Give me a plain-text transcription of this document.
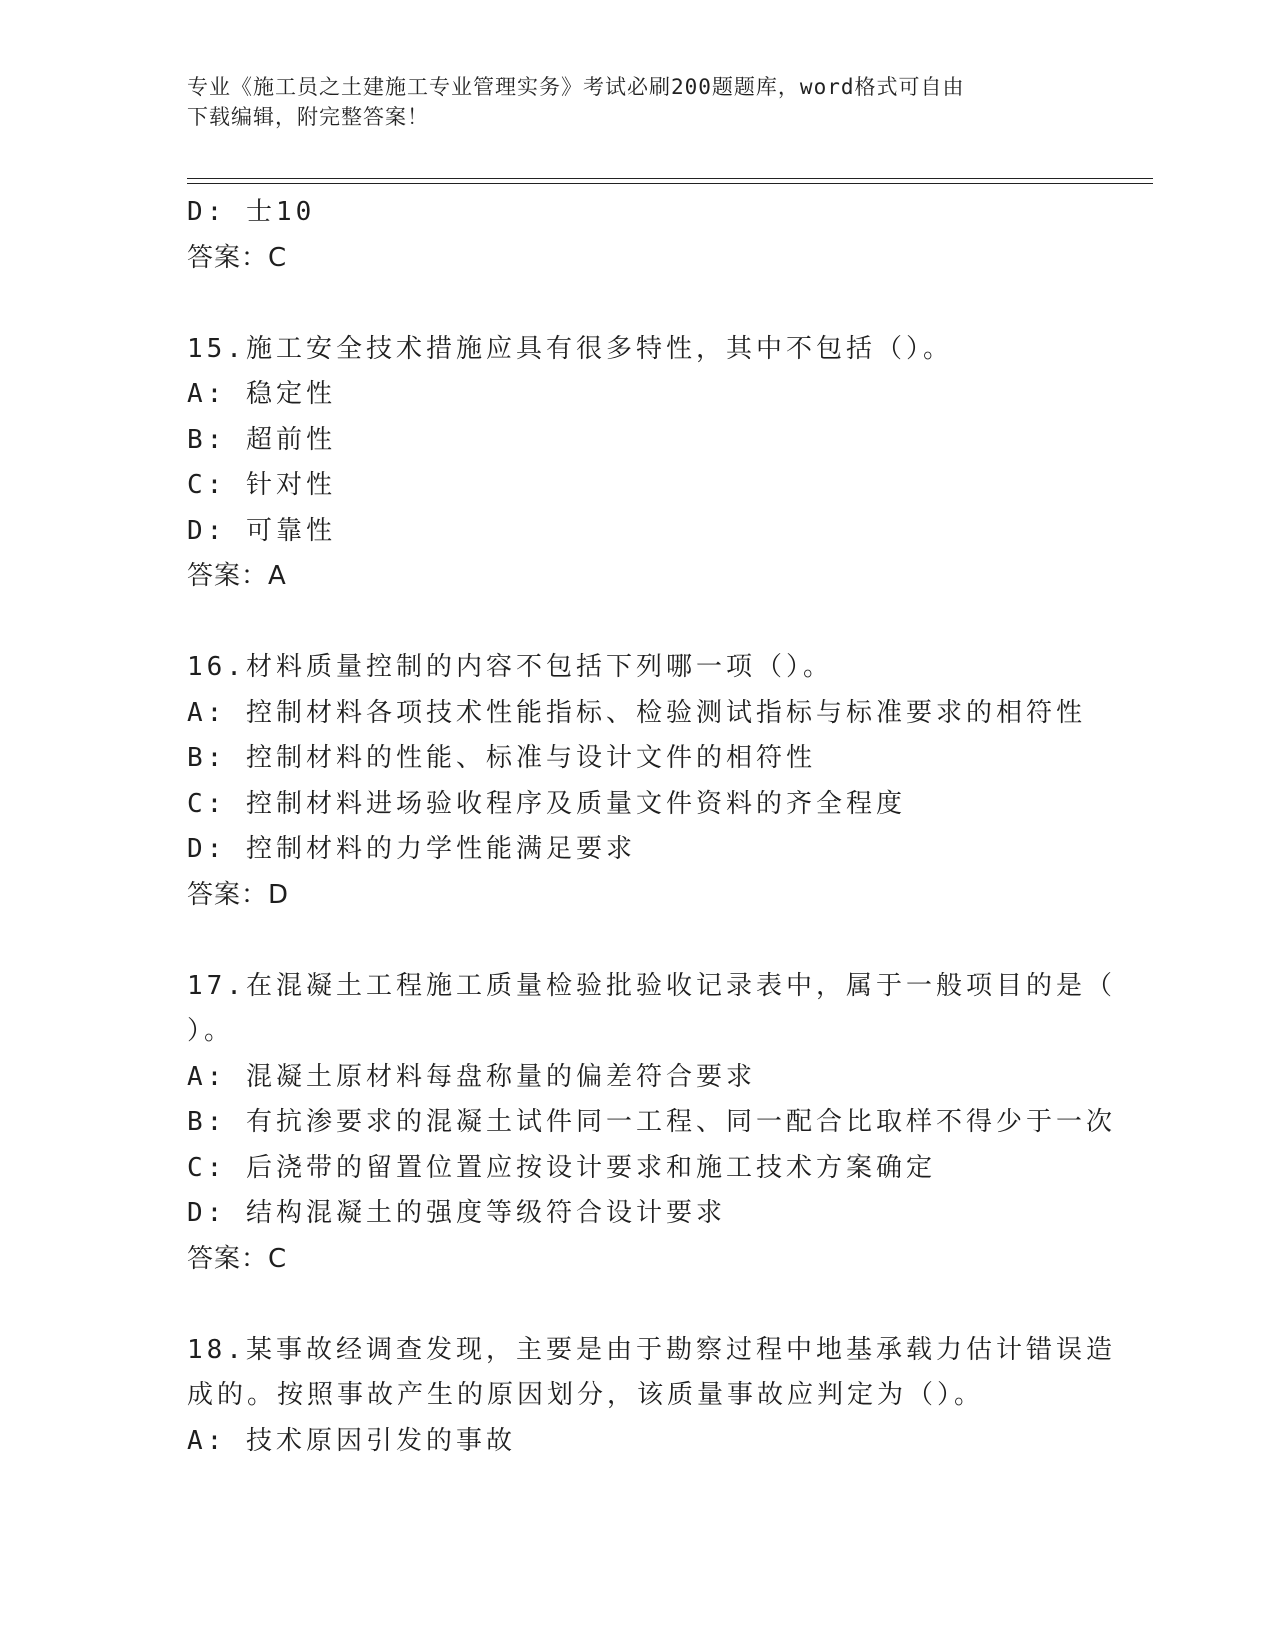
专业《施工员之土建施工专业管理实务》考试必刷200题题库，word格式可自由
下载编辑，附完整答案！
D: 士10
答案：C
15.施工安全技术措施应具有很多特性，其中不包括（）。
A: 稳定性
B: 超前性
C: 针对性
D: 可靠性
答案：A
16.材料质量控制的内容不包括下列哪一项（）。
A: 控制材料各项技术性能指标、检验测试指标与标准要求的相符性
B: 控制材料的性能、标准与设计文件的相符性
C: 控制材料进场验收程序及质量文件资料的齐全程度
D: 控制材料的力学性能满足要求
答案：D
17.在混凝土工程施工质量检验批验收记录表中，属于一般项目的是（
）。
A: 混凝土原材料每盘称量的偏差符合要求
B: 有抗渗要求的混凝土试件同一工程、同一配合比取样不得少于一次
C: 后浇带的留置位置应按设计要求和施工技术方案确定
D: 结构混凝土的强度等级符合设计要求
答案：C
18.某事故经调查发现，主要是由于勘察过程中地基承载力估计错误造
成的。按照事故产生的原因划分，该质量事故应判定为（）。
A: 技术原因引发的事故
